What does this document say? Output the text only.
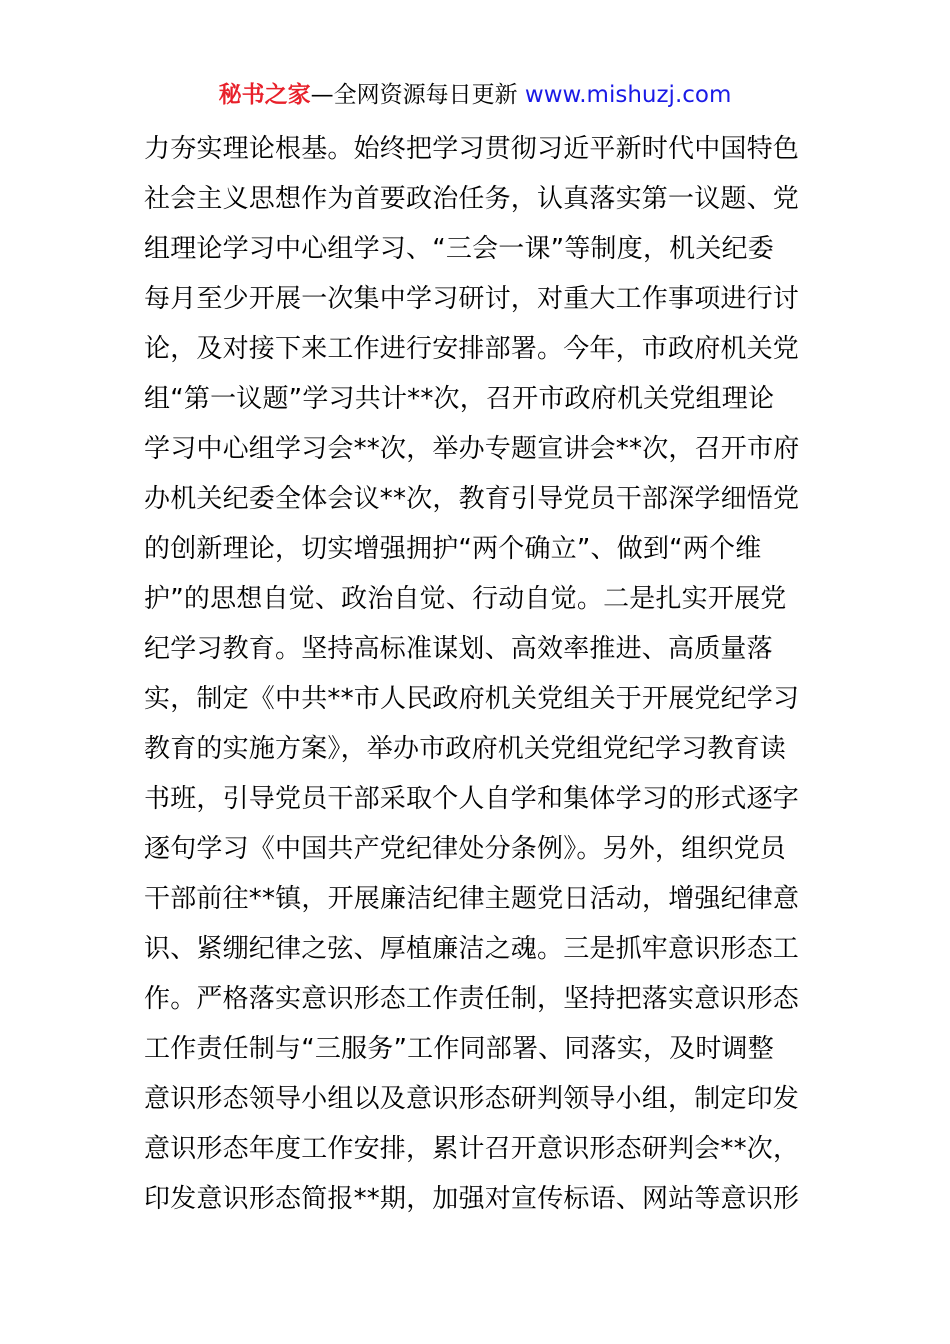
秘书之家—全网资源每日更新 www.mishuzj.com
力夯实理论根基。始终把学习贯彻习近平新时代中国特色
社会主义思想作为首要政治任务，认真落实第一议题、党
组理论学习中心组学习、“三会一课”等制度，机关纪委
每月至少开展一次集中学习研讨，对重大工作事项进行讨
论，及对接下来工作进行安排部署。今年，市政府机关党
组“第一议题”学习共计**次，召开市政府机关党组理论
学习中心组学习会**次，举办专题宣讲会**次，召开市府
办机关纪委全体会议**次，教育引导党员干部深学细悟党
的创新理论，切实增强拥护“两个确立”、做到“两个维
护”的思想自觉、政治自觉、行动自觉。二是扎实开展党
纪学习教育。坚持高标准谋划、高效率推进、高质量落
实，制定《中共**市人民政府机关党组关于开展党纪学习
教育的实施方案》，举办市政府机关党组党纪学习教育读
书班，引导党员干部采取个人自学和集体学习的形式逐字
逐句学习《中国共产党纪律处分条例》。另外，组织党员
干部前往**镇，开展廉洁纪律主题党日活动，增强纪律意
识、紧绷纪律之弦、厚植廉洁之魂。三是抓牢意识形态工
作。严格落实意识形态工作责任制，坚持把落实意识形态
工作责任制与“三服务”工作同部署、同落实，及时调整
意识形态领导小组以及意识形态研判领导小组，制定印发
意识形态年度工作安排，累计召开意识形态研判会**次，
印发意识形态简报**期，加强对宣传标语、网站等意识形
